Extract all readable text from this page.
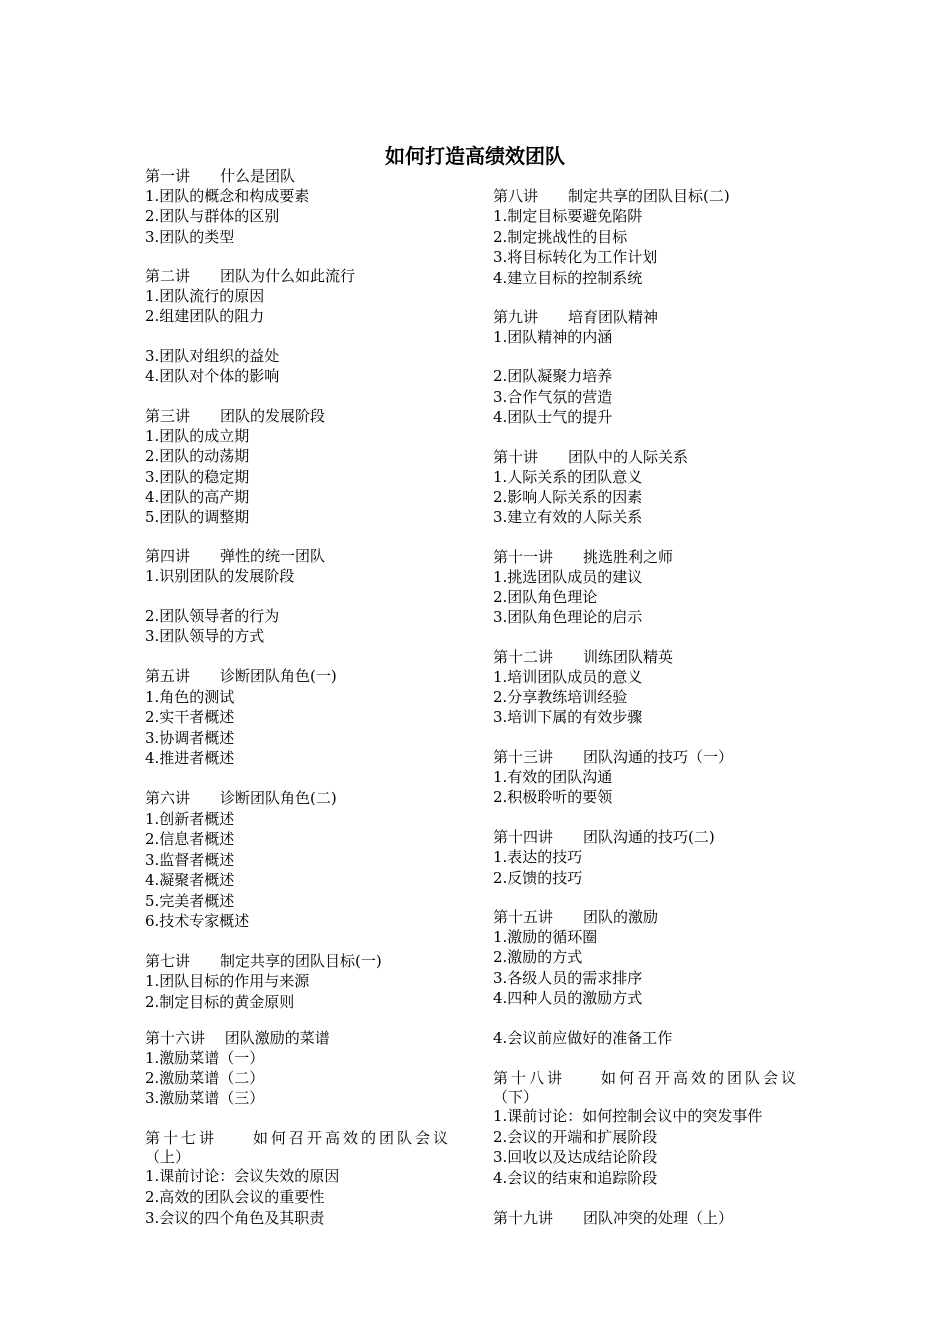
如何打造高绩效团队
第一讲　　什么是团队
1.团队的概念和构成要素
2.团队与群体的区别
3.团队的类型
第二讲　　团队为什么如此流行
1.团队流行的原因
2.组建团队的阻力
3.团队对组织的益处
4.团队对个体的影响
第三讲　　团队的发展阶段
1.团队的成立期
2.团队的动荡期
3.团队的稳定期
4.团队的高产期
5.团队的调整期
第四讲　　弹性的统一团队
1.识别团队的发展阶段
2.团队领导者的行为
3.团队领导的方式
第五讲　　诊断团队角色(一)
1.角色的测试
2.实干者概述
3.协调者概述
4.推进者概述
第六讲　　诊断团队角色(二)
1.创新者概述
2.信息者概述
3.监督者概述
4.凝聚者概述
5.完美者概述
6.技术专家概述
第七讲　　制定共享的团队目标(一)
1.团队目标的作用与来源
2.制定目标的黄金原则
第十六讲　 团队激励的菜谱
1.激励菜谱（一）
2.激励菜谱（二）
3.激励菜谱（三）
第十七讲　　如何召开高效的团队会议
（上）
1.课前讨论：会议失效的原因
2.高效的团队会议的重要性
3.会议的四个角色及其职责
第八讲　　制定共享的团队目标(二)
1.制定目标要避免陷阱
2.制定挑战性的目标
3.将目标转化为工作计划
4.建立目标的控制系统
第九讲　　培育团队精神
1.团队精神的内涵
2.团队凝聚力培养
3.合作气氛的营造
4.团队士气的提升
第十讲　　团队中的人际关系
1.人际关系的团队意义
2.影响人际关系的因素
3.建立有效的人际关系
第十一讲　　挑选胜利之师
1.挑选团队成员的建议
2.团队角色理论
3.团队角色理论的启示
第十二讲　　训练团队精英
1.培训团队成员的意义
2.分享教练培训经验
3.培训下属的有效步骤
第十三讲　　团队沟通的技巧（一）
1.有效的团队沟通
2.积极聆听的要领
第十四讲　　团队沟通的技巧(二)
1.表达的技巧
2.反馈的技巧
第十五讲　　团队的激励
1.激励的循环圈
2.激励的方式
3.各级人员的需求排序
4.四种人员的激励方式
4.会议前应做好的准备工作
第十八讲　　如何召开高效的团队会议
（下）
1.课前讨论：如何控制会议中的突发事件
2.会议的开端和扩展阶段
3.回收以及达成结论阶段
4.会议的结束和追踪阶段
第十九讲　　团队冲突的处理（上）
